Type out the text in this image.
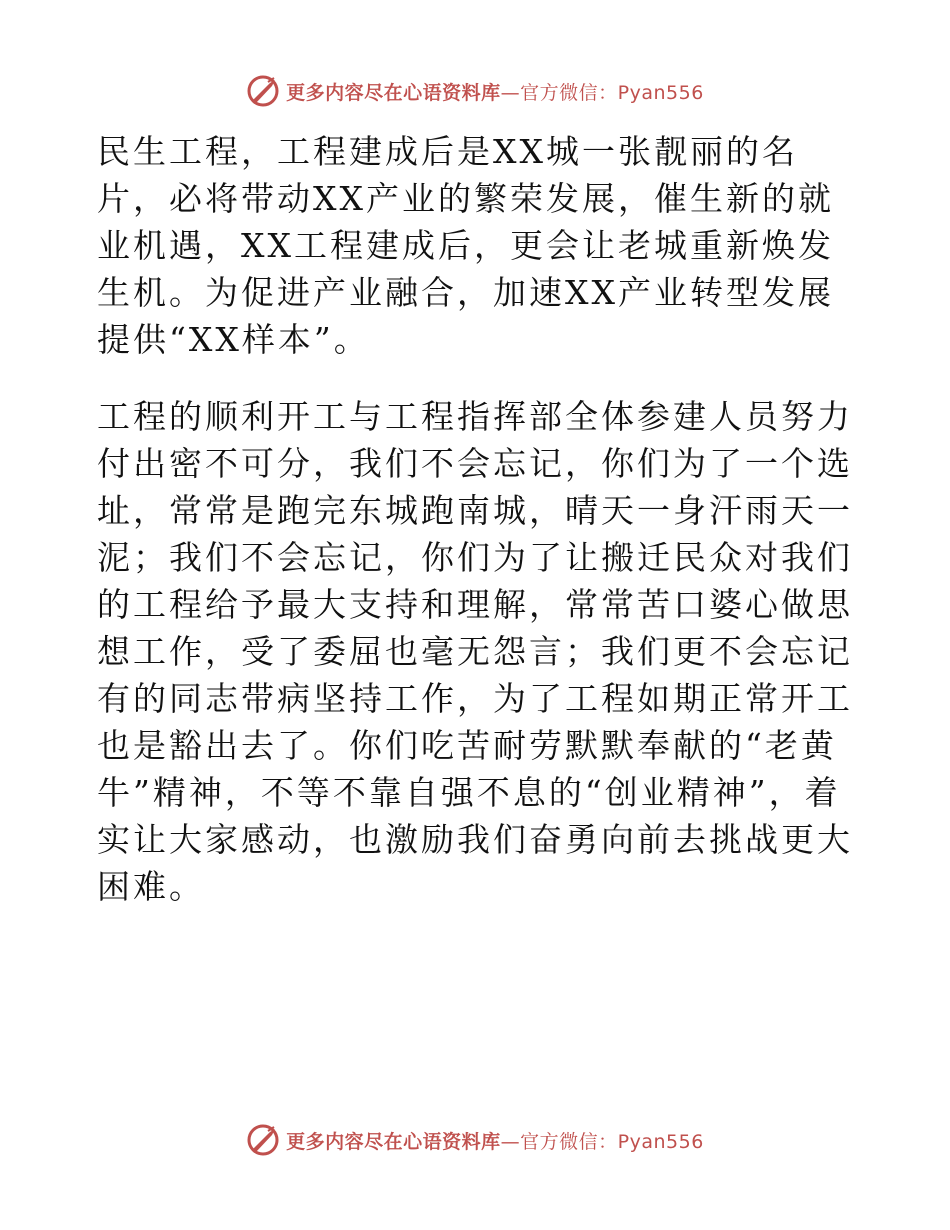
更多内容尽在心语资料库—官方微信：Pyan556

民生工程，工程建成后是XX城一张靓丽的名片，必将带动XX产业的繁荣发展，催生新的就业机遇，XX工程建成后，更会让老城重新焕发生机。为促进产业融合，加速XX产业转型发展提供“XX样本”。

工程的顺利开工与工程指挥部全体参建人员努力付出密不可分，我们不会忘记，你们为了一个选址，常常是跑完东城跑南城，晴天一身汗雨天一泥；我们不会忘记，你们为了让搬迁民众对我们的工程给予最大支持和理解，常常苦口婆心做思想工作，受了委屈也毫无怨言；我们更不会忘记有的同志带病坚持工作，为了工程如期正常开工也是豁出去了。你们吃苦耐劳默默奉献的“老黄牛”精神，不等不靠自强不息的“创业精神”，着实让大家感动，也激励我们奋勇向前去挑战更大困难。

更多内容尽在心语资料库—官方微信：Pyan556
